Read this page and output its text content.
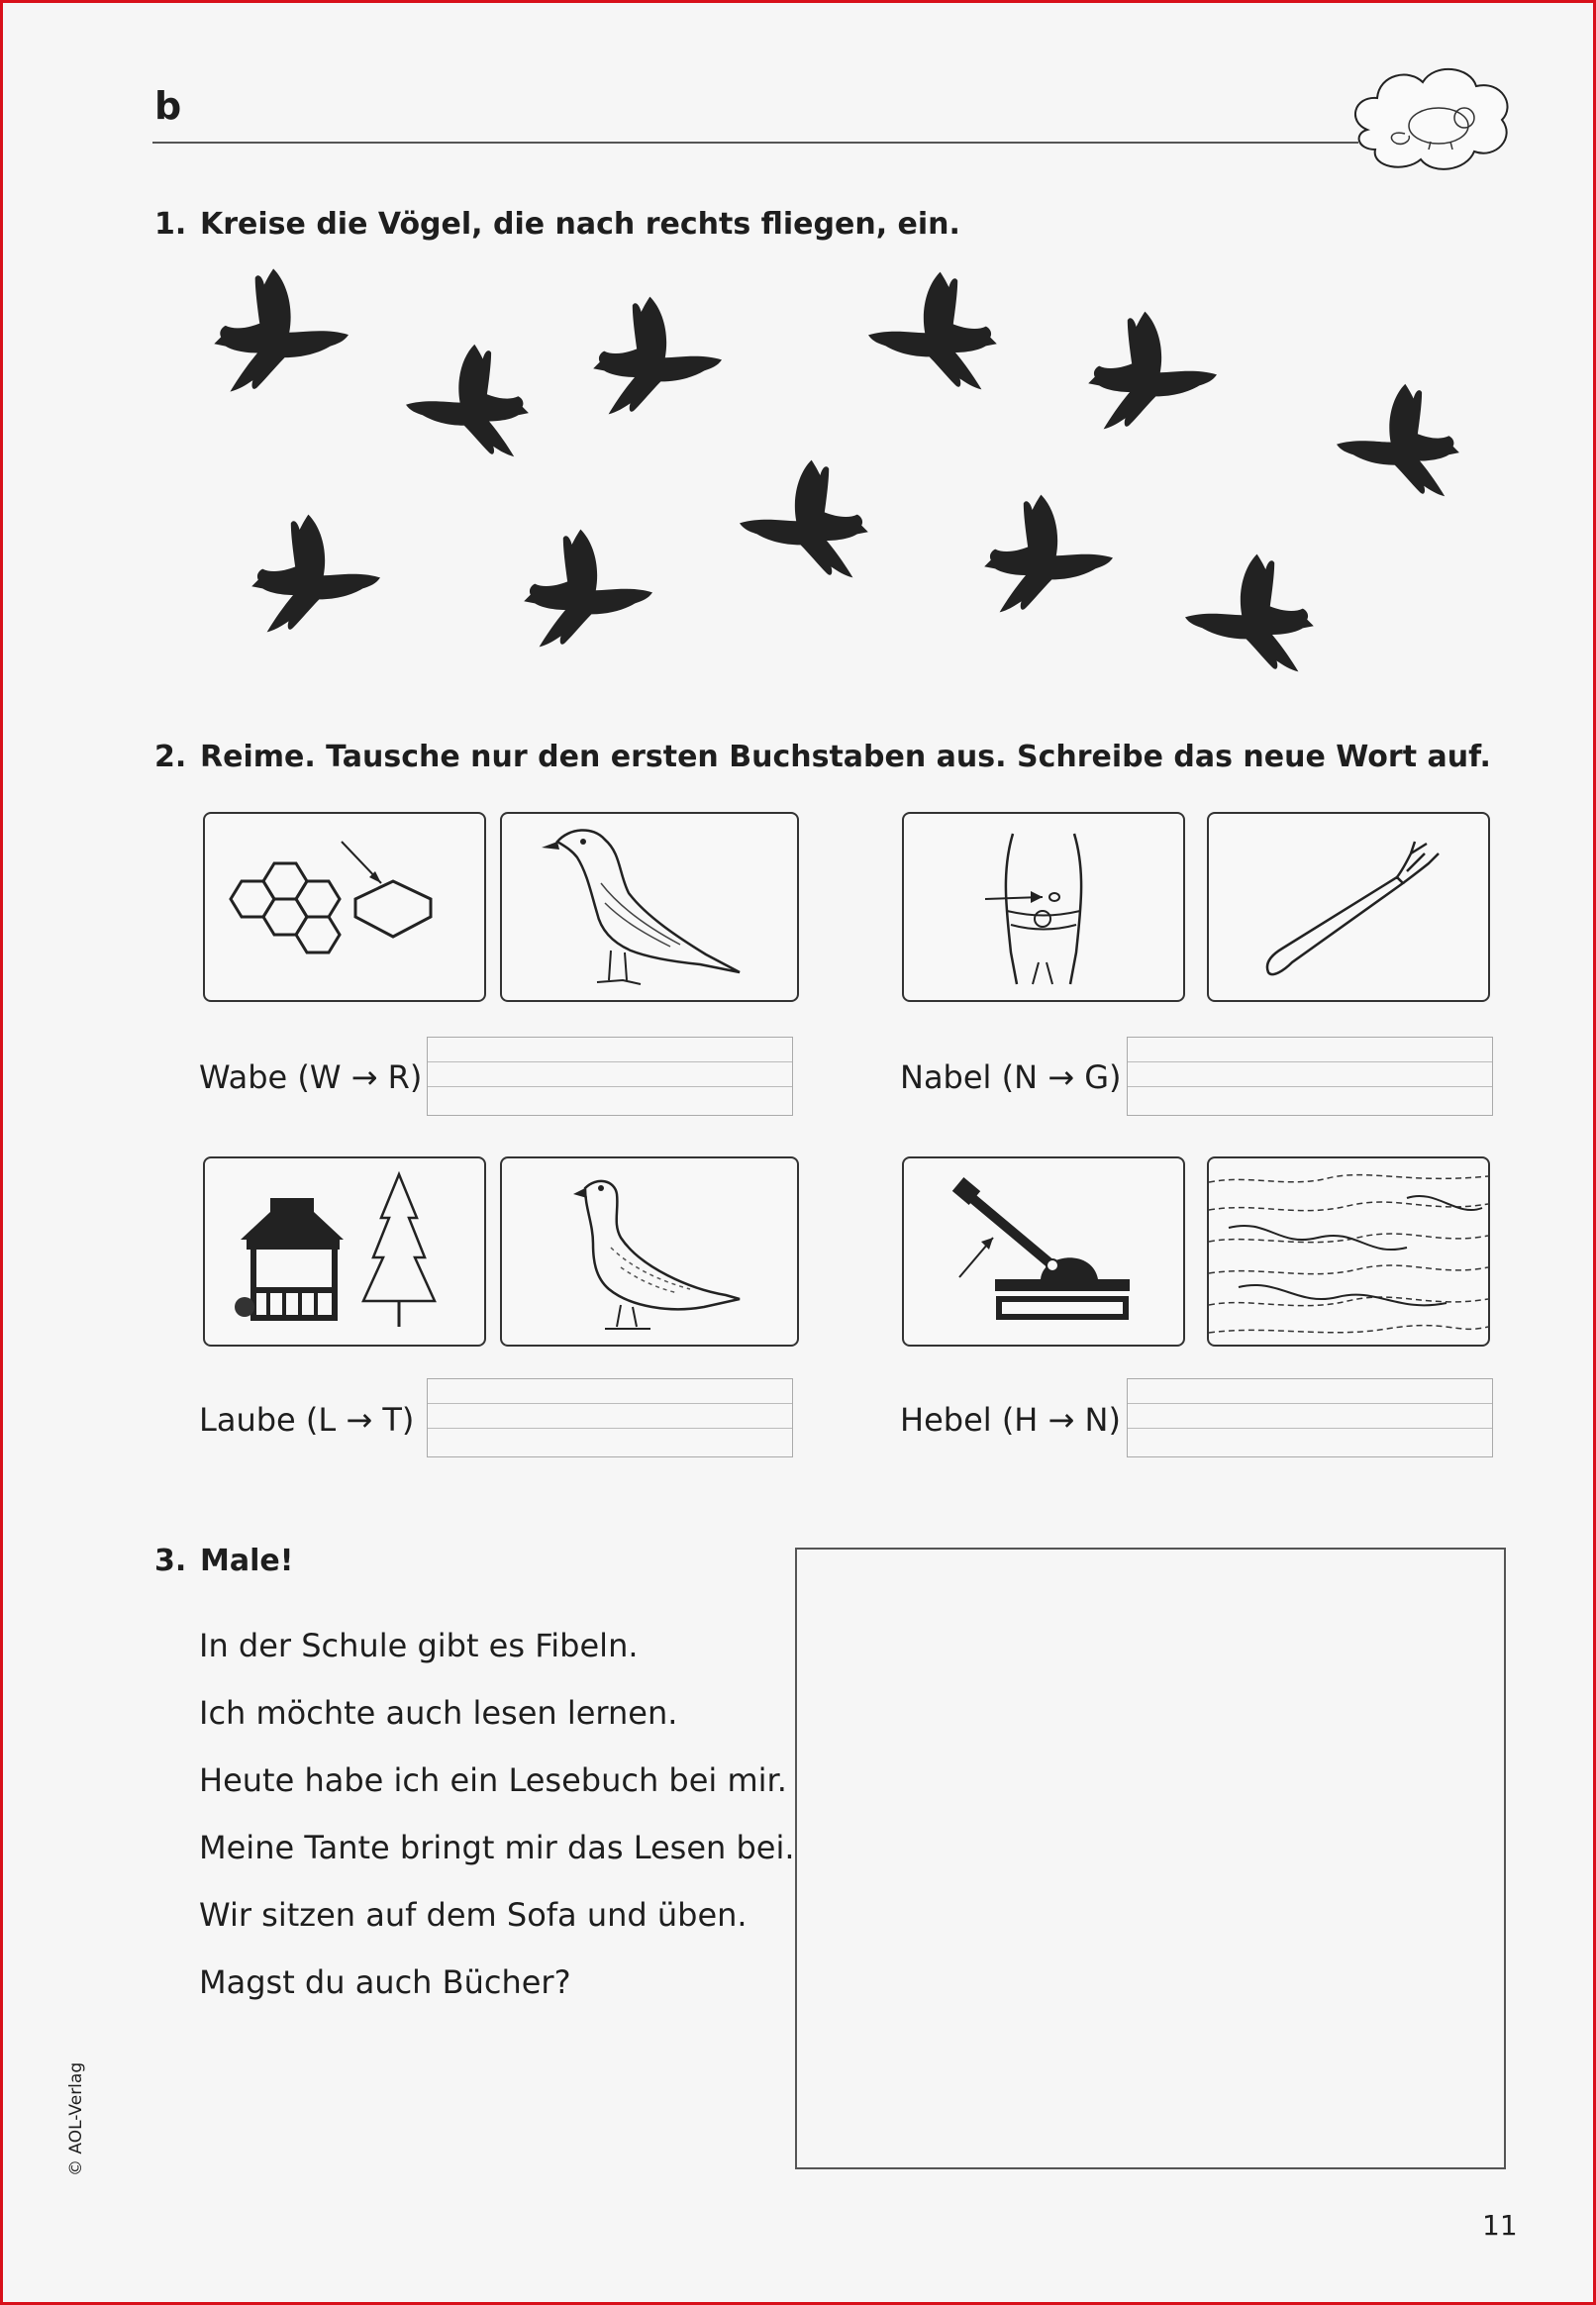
b
1. Kreise die Vögel, die nach rechts fliegen, ein.
2. Reime. Tausche nur den ersten Buchstaben aus. Schreibe das neue Wort auf.
Wabe (W → R)	Nabel (N → G)
Laube (L → T)	Hebel (H → N)
3. Male!
In der Schule gibt es Fibeln.
Ich möchte auch lesen lernen.
Heute habe ich ein Lesebuch bei mir.
Meine Tante bringt mir das Lesen bei.
Wir sitzen auf dem Sofa und üben.
Magst du auch Bücher?
© AOL-Verlag
11
